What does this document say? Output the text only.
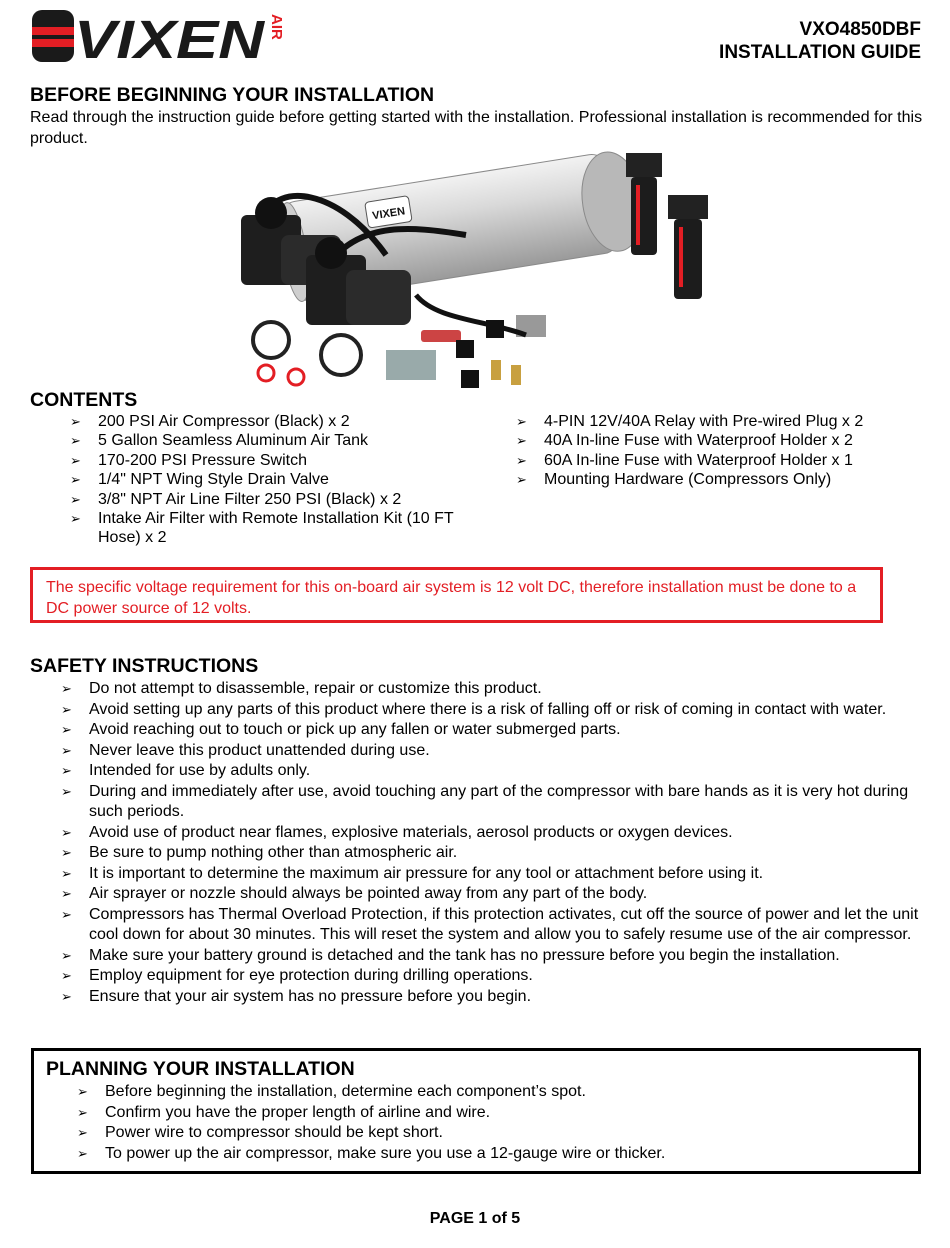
VIXEN AIR	VXO4850DBF
INSTALLATION GUIDE
BEFORE BEGINNING YOUR INSTALLATION
Read through the instruction guide before getting started with the installation. Professional installation is recommended for this product.
VIXEN
CONTENTS
➢ 200 PSI Air Compressor (Black) x 2
➢ 5 Gallon Seamless Aluminum Air Tank
➢ 170-200 PSI Pressure Switch
➢ 1/4" NPT Wing Style Drain Valve
➢ 3/8" NPT Air Line Filter 250 PSI (Black) x 2
➢ Intake Air Filter with Remote Installation Kit (10 FT Hose) x 2
➢ 4-PIN 12V/40A Relay with Pre-wired Plug x 2
➢ 40A In-line Fuse with Waterproof Holder x 2
➢ 60A In-line Fuse with Waterproof Holder x 1
➢ Mounting Hardware (Compressors Only)
The specific voltage requirement for this on-board air system is 12 volt DC, therefore installation must be done to a DC power source of 12 volts.
SAFETY INSTRUCTIONS
➢ Do not attempt to disassemble, repair or customize this product.
➢ Avoid setting up any parts of this product where there is a risk of falling off or risk of coming in contact with water.
➢ Avoid reaching out to touch or pick up any fallen or water submerged parts.
➢ Never leave this product unattended during use.
➢ Intended for use by adults only.
➢ During and immediately after use, avoid touching any part of the compressor with bare hands as it is very hot during such periods.
➢ Avoid use of product near flames, explosive materials, aerosol products or oxygen devices.
➢ Be sure to pump nothing other than atmospheric air.
➢ It is important to determine the maximum air pressure for any tool or attachment before using it.
➢ Air sprayer or nozzle should always be pointed away from any part of the body.
➢ Compressors has Thermal Overload Protection, if this protection activates, cut off the source of power and let the unit cool down for about 30 minutes. This will reset the system and allow you to safely resume use of the air compressor.
➢ Make sure your battery ground is detached and the tank has no pressure before you begin the installation.
➢ Employ equipment for eye protection during drilling operations.
➢ Ensure that your air system has no pressure before you begin.
PLANNING YOUR INSTALLATION
➢ Before beginning the installation, determine each component’s spot.
➢ Confirm you have the proper length of airline and wire.
➢ Power wire to compressor should be kept short.
➢ To power up the air compressor, make sure you use a 12-gauge wire or thicker.
PAGE 1 of 5
